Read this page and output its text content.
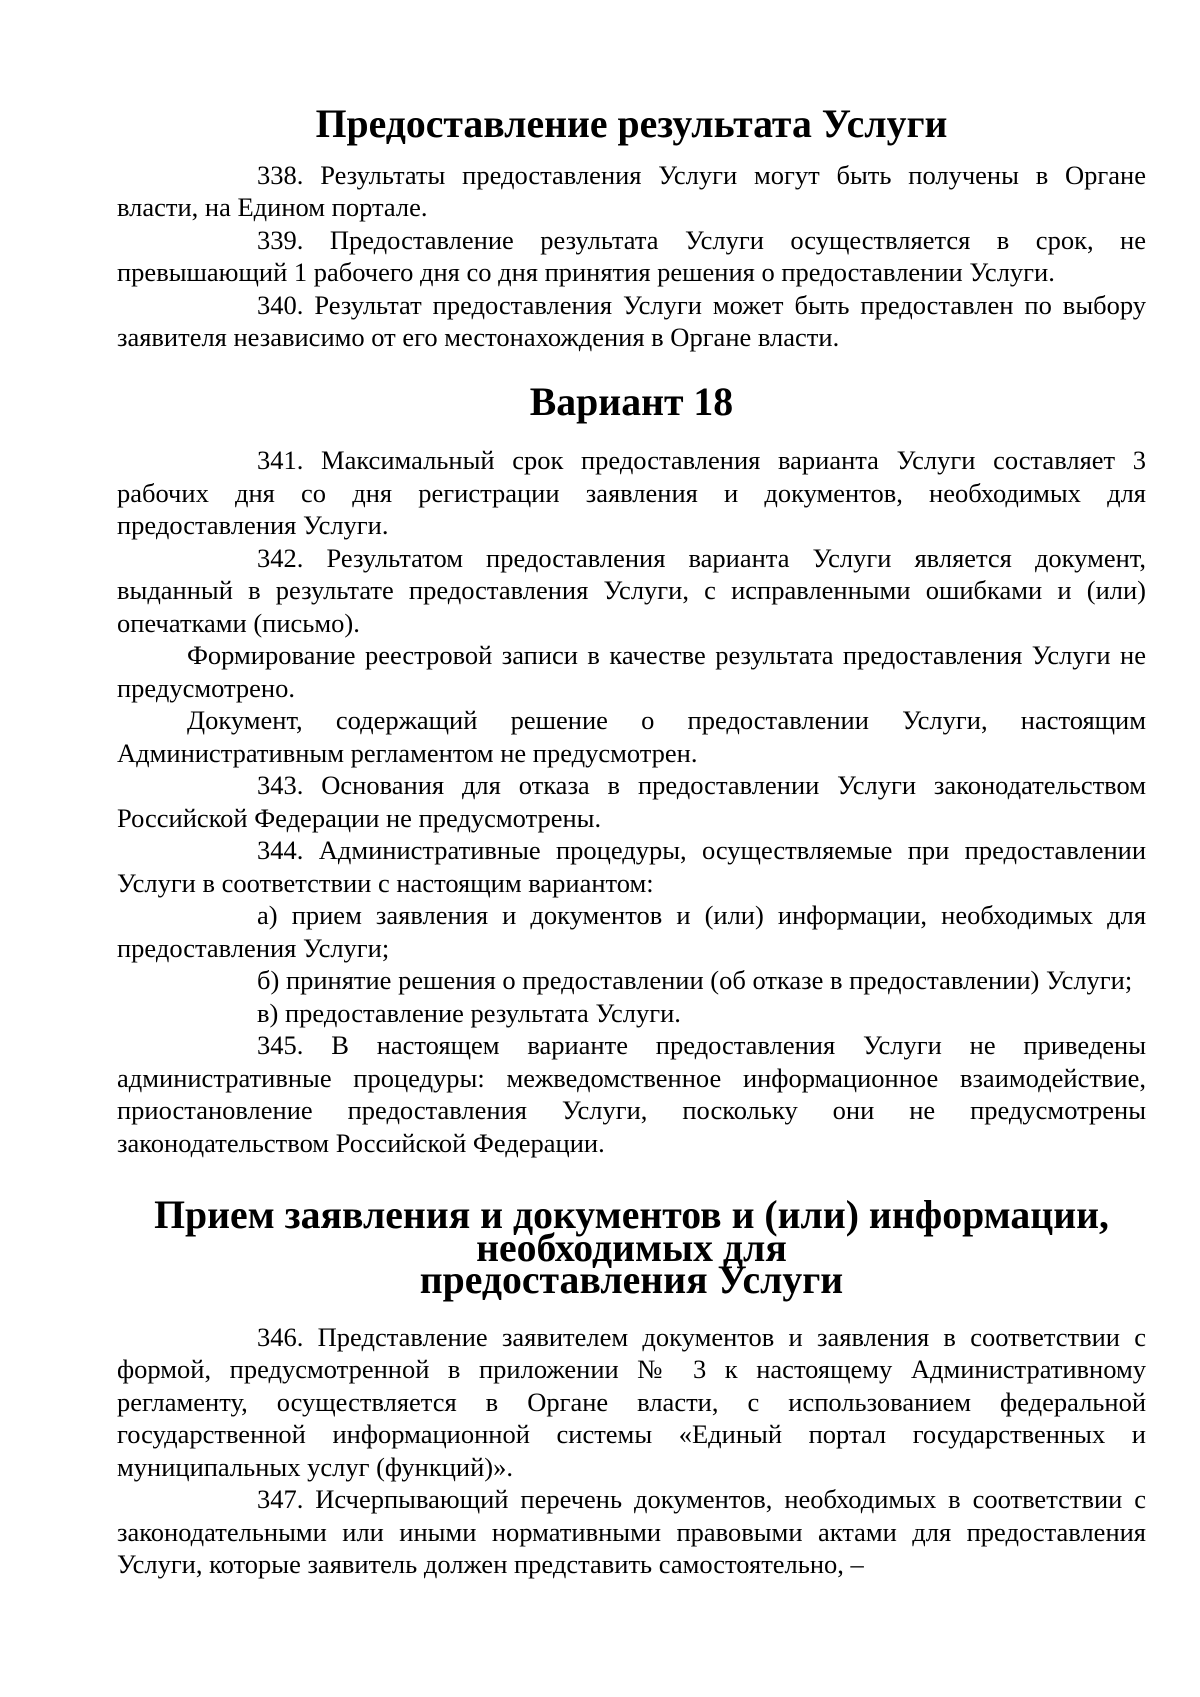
Предоставление результата Услуги

338. Результаты предоставления Услуги могут быть получены в Органе власти, на Едином портале.

339. Предоставление результата Услуги осуществляется в срок, не превышающий 1 рабочего дня со дня принятия решения о предоставлении Услуги.

340. Результат предоставления Услуги может быть предоставлен по выбору заявителя независимо от его местонахождения в Органе власти.

Вариант 18

341. Максимальный срок предоставления варианта Услуги составляет 3 рабочих дня со дня регистрации заявления и документов, необходимых для предоставления Услуги.

342. Результатом предоставления варианта Услуги является документ, выданный в результате предоставления Услуги, с исправленными ошибками и (или) опечатками (письмо).

Формирование реестровой записи в качестве результата предоставления Услуги не предусмотрено.

Документ, содержащий решение о предоставлении Услуги, настоящим Административным регламентом не предусмотрен.

343. Основания для отказа в предоставлении Услуги законодательством Российской Федерации не предусмотрены.

344. Административные процедуры, осуществляемые при предоставлении Услуги в соответствии с настоящим вариантом:

а) прием заявления и документов и (или) информации, необходимых для предоставления Услуги;

б) принятие решения о предоставлении (об отказе в предоставлении) Услуги;

в) предоставление результата Услуги.

345. В настоящем варианте предоставления Услуги не приведены административные процедуры: межведомственное информационное взаимодействие, приостановление предоставления Услуги, поскольку они не предусмотрены законодательством Российской Федерации.

Прием заявления и документов и (или) информации, необходимых для
предоставления Услуги

346. Представление заявителем документов и заявления в соответствии с формой, предусмотренной в приложении № 3 к настоящему Административному регламенту, осуществляется в Органе власти, с использованием федеральной государственной информационной системы «Единый портал государственных и муниципальных услуг (функций)».

347. Исчерпывающий перечень документов, необходимых в соответствии с законодательными или иными нормативными правовыми актами для предоставления Услуги, которые заявитель должен представить самостоятельно, –
